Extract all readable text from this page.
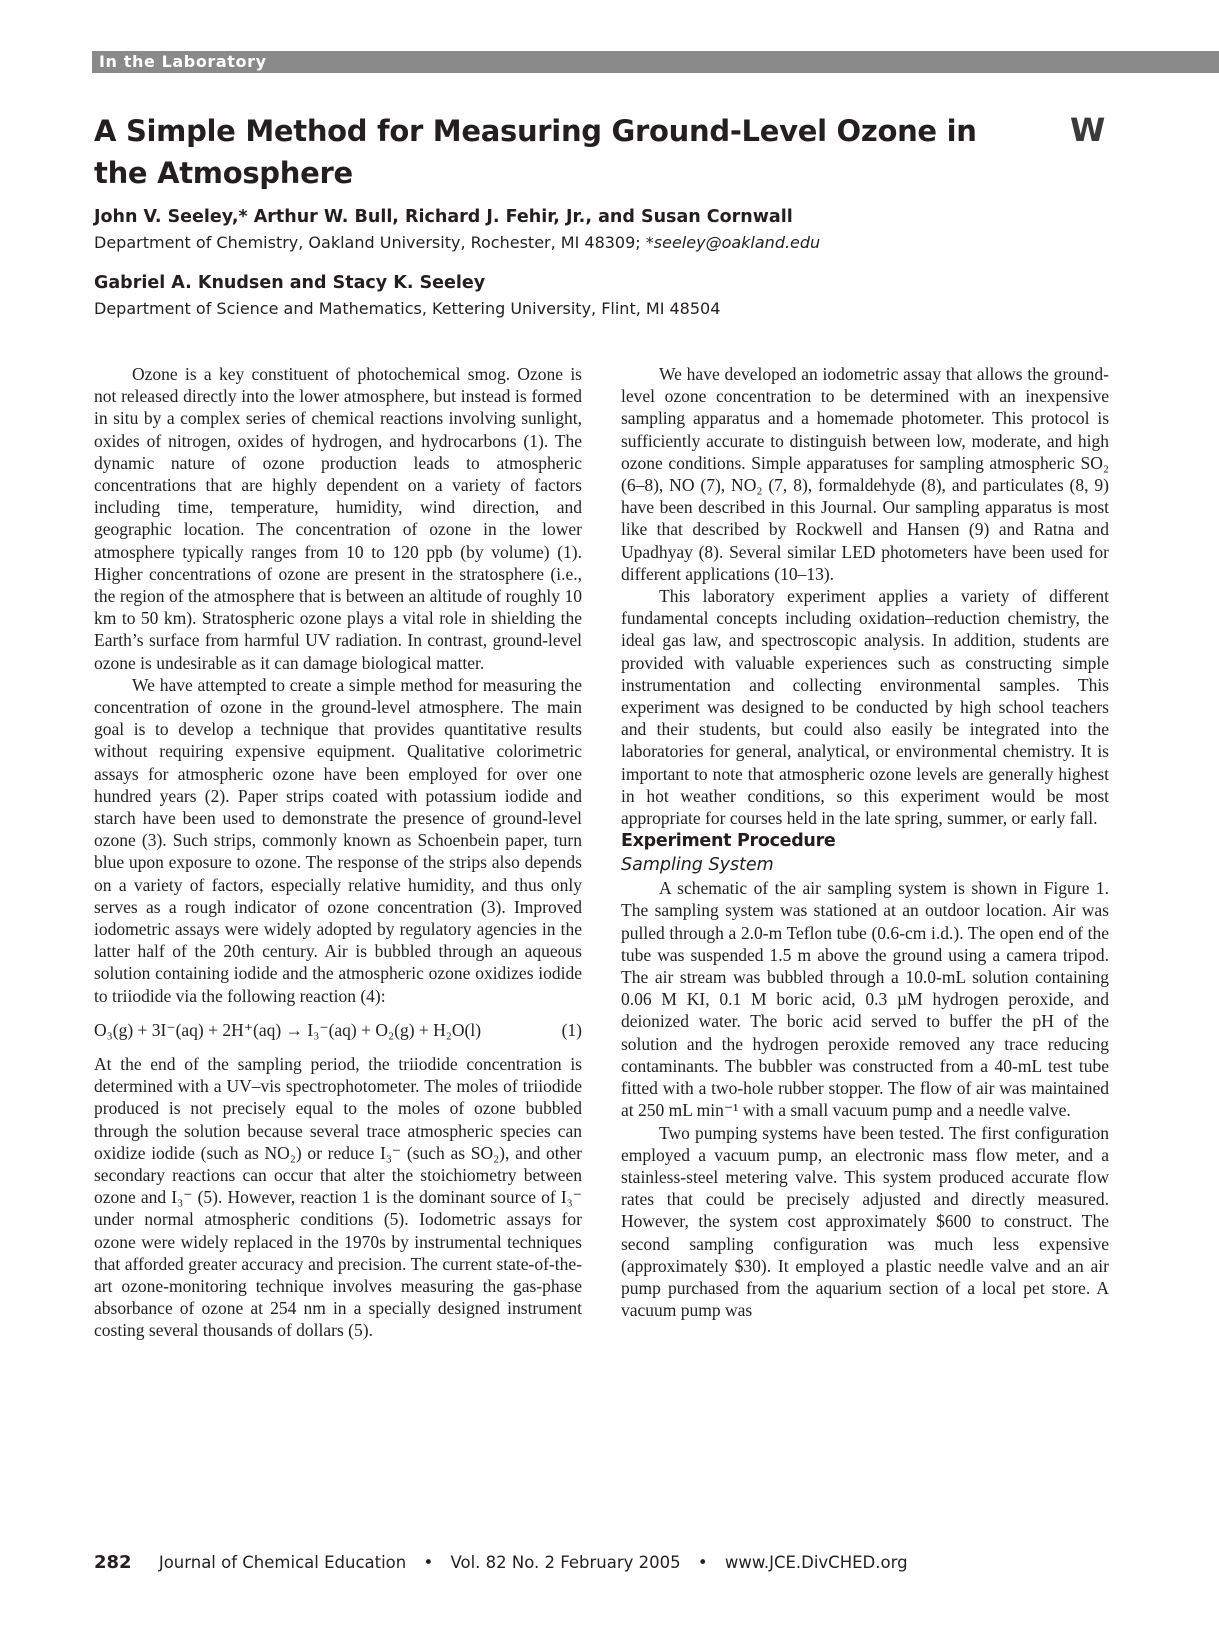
In the Laboratory
A Simple Method for Measuring Ground-Level Ozone in the Atmosphere
W
John V. Seeley,* Arthur W. Bull, Richard J. Fehir, Jr., and Susan Cornwall
Department of Chemistry, Oakland University, Rochester, MI 48309; *seeley@oakland.edu
Gabriel A. Knudsen and Stacy K. Seeley
Department of Science and Mathematics, Kettering University, Flint, MI 48504

Ozone is a key constituent of photochemical smog. Ozone is not released directly into the lower atmosphere, but instead is formed in situ by a complex series of chemical reactions involving sunlight, oxides of nitrogen, oxides of hydrogen, and hydrocarbons (1). The dynamic nature of ozone production leads to atmospheric concentrations that are highly dependent on a variety of factors including time, temperature, humidity, wind direction, and geographic location. The concentration of ozone in the lower atmosphere typically ranges from 10 to 120 ppb (by volume) (1). Higher concentrations of ozone are present in the stratosphere (i.e., the region of the atmosphere that is between an altitude of roughly 10 km to 50 km). Stratospheric ozone plays a vital role in shielding the Earth’s surface from harmful UV radiation. In contrast, ground-level ozone is undesirable as it can damage biological matter.

We have attempted to create a simple method for measuring the concentration of ozone in the ground-level atmosphere. The main goal is to develop a technique that provides quantitative results without requiring expensive equipment. Qualitative colorimetric assays for atmospheric ozone have been employed for over one hundred years (2). Paper strips coated with potassium iodide and starch have been used to demonstrate the presence of ground-level ozone (3). Such strips, commonly known as Schoenbein paper, turn blue upon exposure to ozone. The response of the strips also depends on a variety of factors, especially relative humidity, and thus only serves as a rough indicator of ozone concentration (3). Improved iodometric assays were widely adopted by regulatory agencies in the latter half of the 20th century. Air is bubbled through an aqueous solution containing iodide and the atmospheric ozone oxidizes iodide to triiodide via the following reaction (4):

O₃(g) + 3I⁻(aq) + 2H⁺(aq) → I₃⁻(aq) + O₂(g) + H₂O(l)	(1)

At the end of the sampling period, the triiodide concentration is determined with a UV–vis spectrophotometer. The moles of triiodide produced is not precisely equal to the moles of ozone bubbled through the solution because several trace atmospheric species can oxidize iodide (such as NO₂) or reduce I₃⁻ (such as SO₂), and other secondary reactions can occur that alter the stoichiometry between ozone and I₃⁻ (5). However, reaction 1 is the dominant source of I₃⁻ under normal atmospheric conditions (5). Iodometric assays for ozone were widely replaced in the 1970s by instrumental techniques that afforded greater accuracy and precision. The current state-of-the-art ozone-monitoring technique involves measuring the gas-phase absorbance of ozone at 254 nm in a specially designed instrument costing several thousands of dollars (5).

We have developed an iodometric assay that allows the ground-level ozone concentration to be determined with an inexpensive sampling apparatus and a homemade photometer. This protocol is sufficiently accurate to distinguish between low, moderate, and high ozone conditions. Simple apparatuses for sampling atmospheric SO₂ (6–8), NO (7), NO₂ (7, 8), formaldehyde (8), and particulates (8, 9) have been described in this Journal. Our sampling apparatus is most like that described by Rockwell and Hansen (9) and Ratna and Upadhyay (8). Several similar LED photometers have been used for different applications (10–13).

This laboratory experiment applies a variety of different fundamental concepts including oxidation–reduction chemistry, the ideal gas law, and spectroscopic analysis. In addition, students are provided with valuable experiences such as constructing simple instrumentation and collecting environmental samples. This experiment was designed to be conducted by high school teachers and their students, but could also easily be integrated into the laboratories for general, analytical, or environmental chemistry. It is important to note that atmospheric ozone levels are generally highest in hot weather conditions, so this experiment would be most appropriate for courses held in the late spring, summer, or early fall.

Experiment Procedure

Sampling System

A schematic of the air sampling system is shown in Figure 1. The sampling system was stationed at an outdoor location. Air was pulled through a 2.0-m Teflon tube (0.6-cm i.d.). The open end of the tube was suspended 1.5 m above the ground using a camera tripod. The air stream was bubbled through a 10.0-mL solution containing 0.06 M KI, 0.1 M boric acid, 0.3 µM hydrogen peroxide, and deionized water. The boric acid served to buffer the pH of the solution and the hydrogen peroxide removed any trace reducing contaminants. The bubbler was constructed from a 40-mL test tube fitted with a two-hole rubber stopper. The flow of air was maintained at 250 mL min⁻¹ with a small vacuum pump and a needle valve.

Two pumping systems have been tested. The first configuration employed a vacuum pump, an electronic mass flow meter, and a stainless-steel metering valve. This system produced accurate flow rates that could be precisely adjusted and directly measured. However, the system cost approximately $600 to construct. The second sampling configuration was much less expensive (approximately $30). It employed a plastic needle valve and an air pump purchased from the aquarium section of a local pet store. A vacuum pump was

282 Journal of Chemical Education • Vol. 82 No. 2 February 2005 • www.JCE.DivCHED.org
